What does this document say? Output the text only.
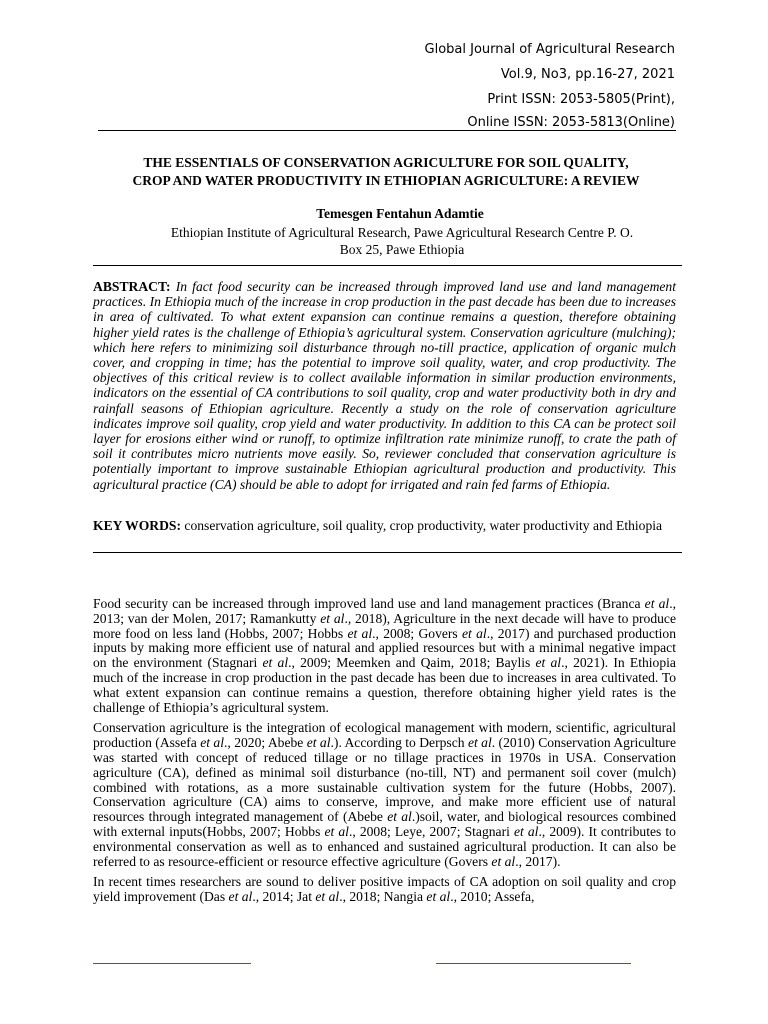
Global Journal of Agricultural Research
Vol.9, No3, pp.16-27, 2021
Print ISSN: 2053-5805(Print),
Online ISSN: 2053-5813(Online)
THE ESSENTIALS OF CONSERVATION AGRICULTURE FOR SOIL QUALITY,
CROP AND WATER PRODUCTIVITY IN ETHIOPIAN AGRICULTURE: A REVIEW
Temesgen Fentahun Adamtie
Ethiopian Institute of Agricultural Research, Pawe Agricultural Research Centre P. O.
Box 25, Pawe Ethiopia
ABSTRACT: In fact food security can be increased through improved land use and land management practices. In Ethiopia much of the increase in crop production in the past decade has been due to increases in area of cultivated. To what extent expansion can continue remains a question, therefore obtaining higher yield rates is the challenge of Ethiopia’s agricultural system. Conservation agriculture (mulching); which here refers to minimizing soil disturbance through no-till practice, application of organic mulch cover, and cropping in time; has the potential to improve soil quality, water, and crop productivity. The objectives of this critical review is to collect available information in similar production environments, indicators on the essential of CA contributions to soil quality, crop and water productivity both in dry and rainfall seasons of Ethiopian agriculture. Recently a study on the role of conservation agriculture indicates improve soil quality, crop yield and water productivity. In addition to this CA can be protect soil layer for erosions either wind or runoff, to optimize infiltration rate minimize runoff, to crate the path of soil it contributes micro nutrients move easily. So, reviewer concluded that conservation agriculture is potentially important to improve sustainable Ethiopian agricultural production and productivity. This agricultural practice (CA) should be able to adopt for irrigated and rain fed farms of Ethiopia.
KEY WORDS: conservation agriculture, soil quality, crop productivity, water productivity and Ethiopia

Food security can be increased through improved land use and land management practices (Branca et al., 2013; van der Molen, 2017; Ramankutty et al., 2018), Agriculture in the next decade will have to produce more food on less land (Hobbs, 2007; Hobbs et al., 2008; Govers et al., 2017) and purchased production inputs by making more efficient use of natural and applied resources but with a minimal negative impact on the environment (Stagnari et al., 2009; Meemken and Qaim, 2018; Baylis et al., 2021). In Ethiopia much of the increase in crop production in the past decade has been due to increases in area cultivated. To what extent expansion can continue remains a question, therefore obtaining higher yield rates is the challenge of Ethiopia’s agricultural system.

Conservation agriculture is the integration of ecological management with modern, scientific, agricultural production (Assefa et al., 2020; Abebe et al.). According to Derpsch et al. (2010) Conservation Agriculture was started with concept of reduced tillage or no tillage practices in 1970s in USA. Conservation agriculture (CA), defined as minimal soil disturbance (no-till, NT) and permanent soil cover (mulch) combined with rotations, as a more sustainable cultivation system for the future (Hobbs, 2007). Conservation agriculture (CA) aims to conserve, improve, and make more efficient use of natural resources through integrated management of (Abebe et al.)soil, water, and biological resources combined with external inputs(Hobbs, 2007; Hobbs et al., 2008; Leye, 2007; Stagnari et al., 2009). It contributes to environmental conservation as well as to enhanced and sustained agricultural production. It can also be referred to as resource-efficient or resource effective agriculture (Govers et al., 2017).

In recent times researchers are sound to deliver positive impacts of CA adoption on soil quality and crop yield improvement (Das et al., 2014; Jat et al., 2018; Nangia et al., 2010; Assefa,
